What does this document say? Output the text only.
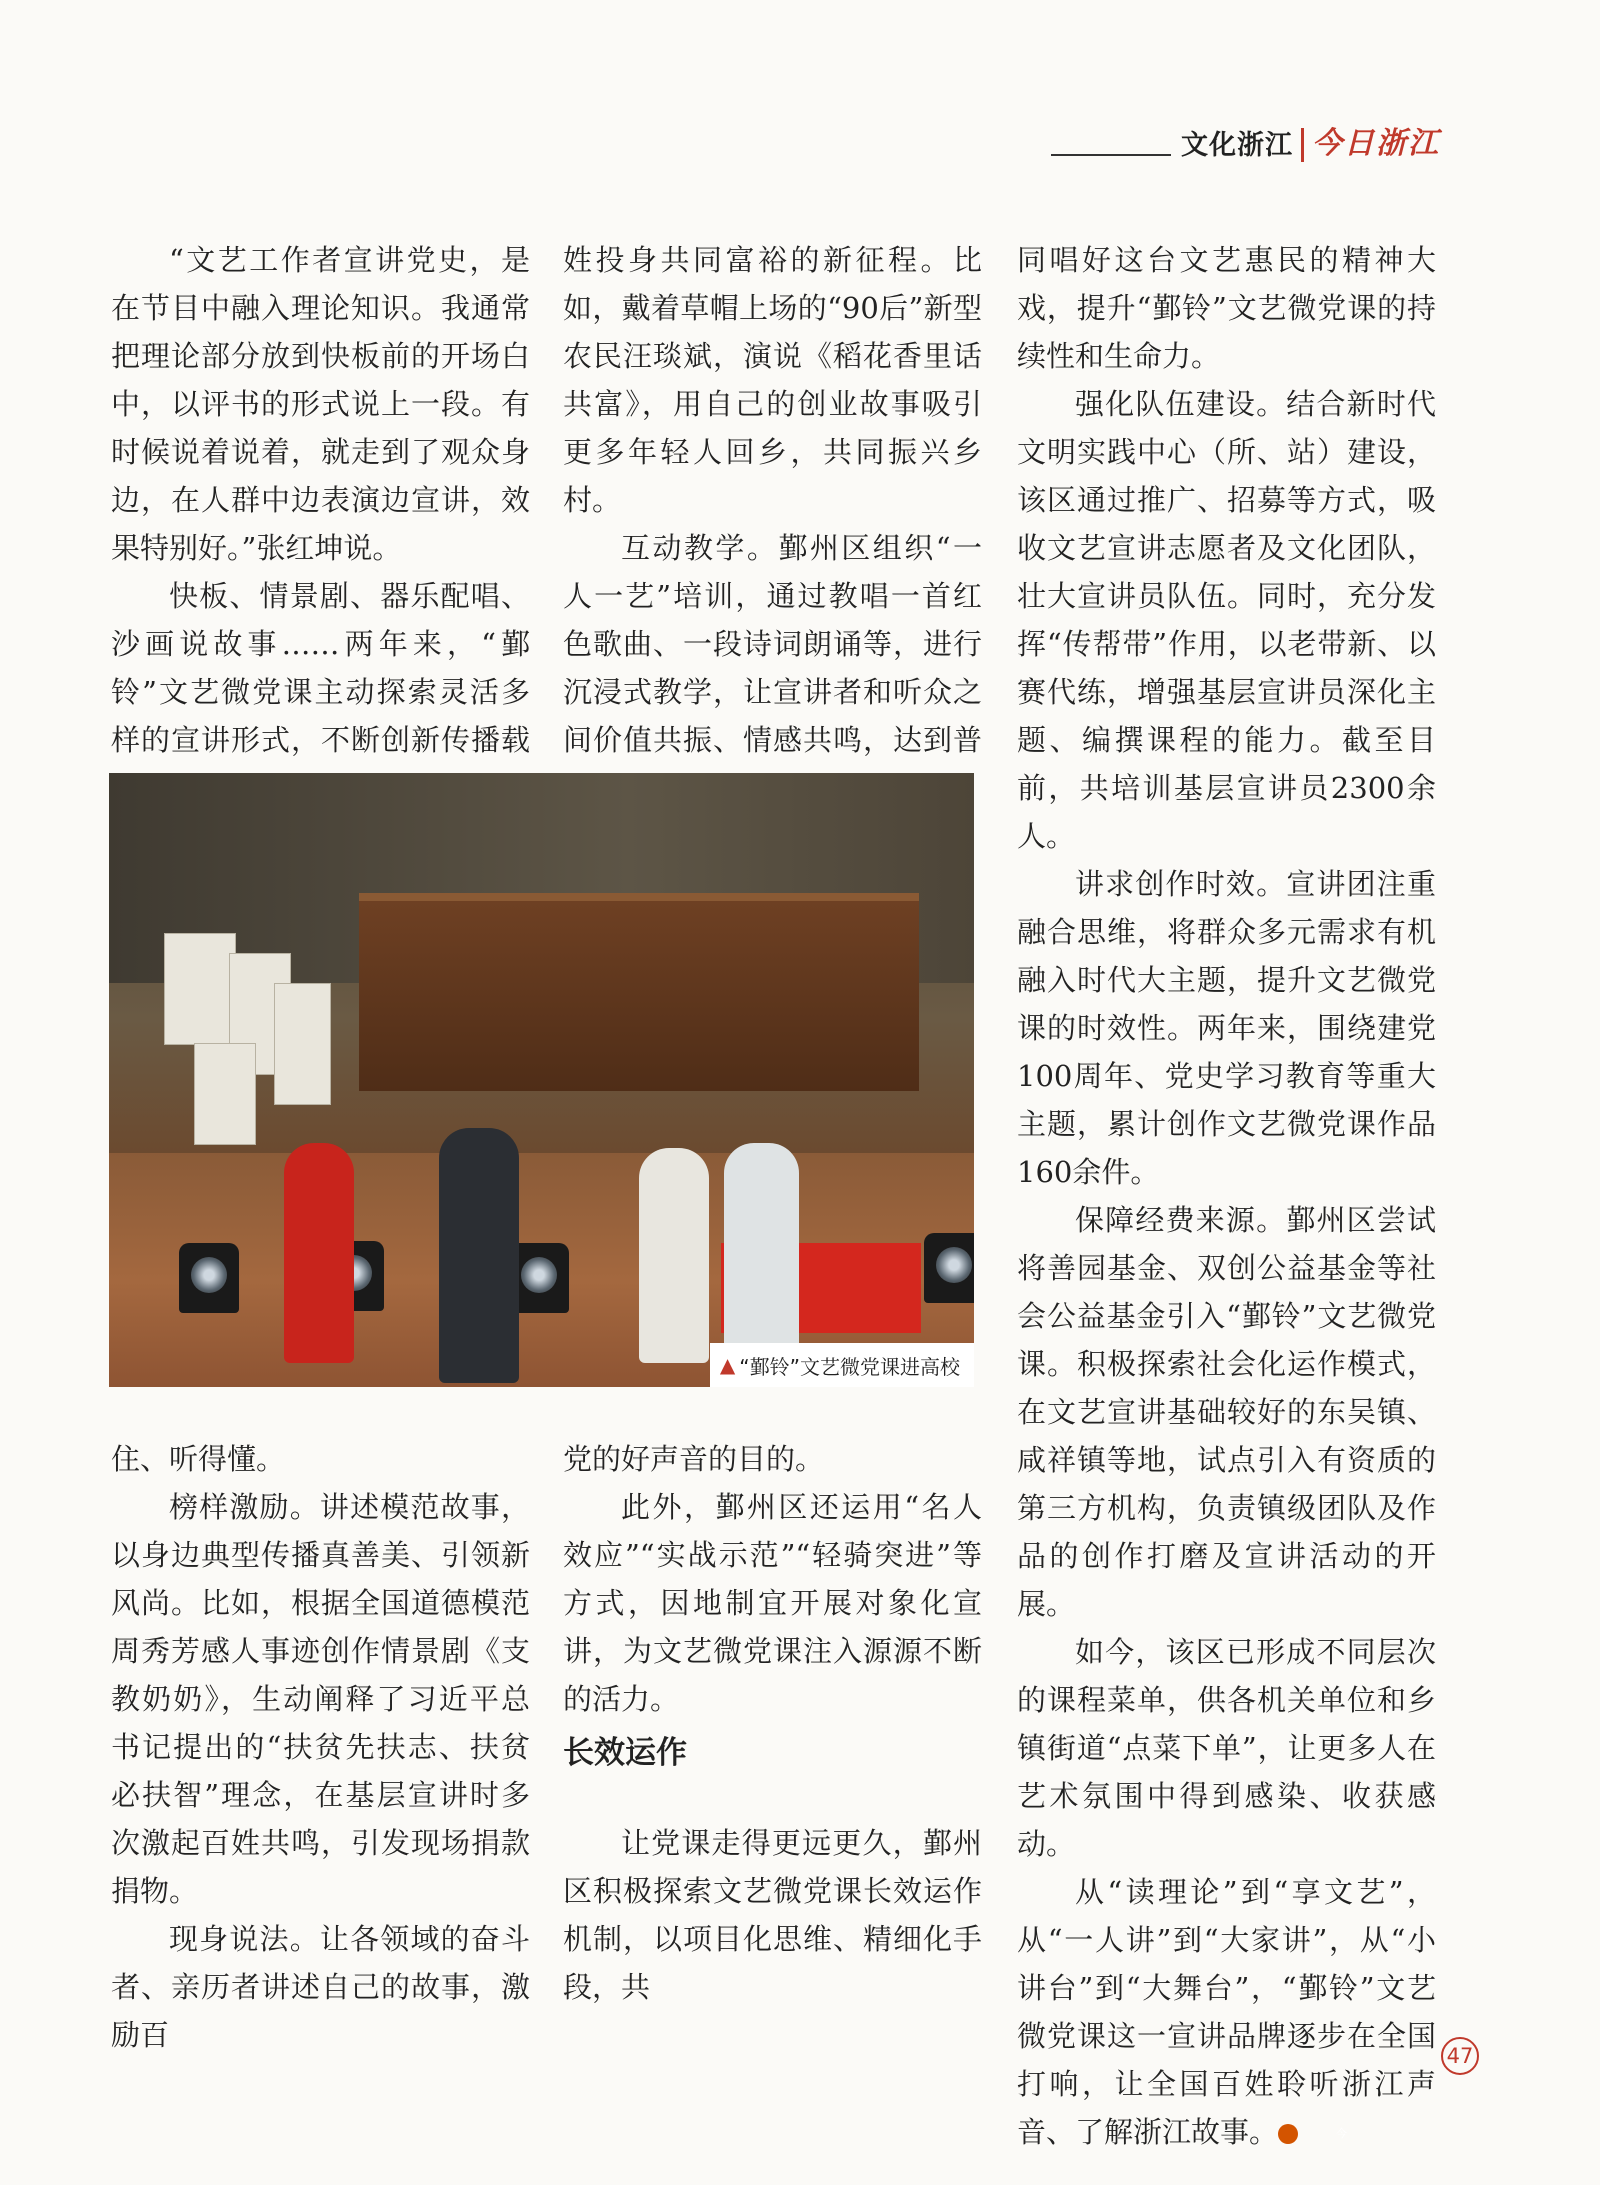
文化浙江 今日浙江

“文艺工作者宣讲党史，是在节目中融入理论知识。我通常把理论部分放到快板前的开场白中，以评书的形式说上一段。有时候说着说着，就走到了观众身边，在人群中边表演边宣讲，效果特别好。”张红坤说。

快板、情景剧、器乐配唱、沙画说故事……两年来，“鄞铃”文艺微党课主动探索灵活多样的宣讲形式，不断创新传播载

姓投身共同富裕的新征程。比如，戴着草帽上场的“90后”新型农民汪琰斌，演说《稻花香里话共富》，用自己的创业故事吸引更多年轻人回乡，共同振兴乡村。

互动教学。鄞州区组织“一人一艺”培训，通过教唱一首红色歌曲、一段诗词朗诵等，进行沉浸式教学，让宣讲者和听众之间价值共振、情感共鸣，达到普

同唱好这台文艺惠民的精神大戏，提升“鄞铃”文艺微党课的持续性和生命力。

强化队伍建设。结合新时代文明实践中心（所、站）建设，该区通过推广、招募等方式，吸收文艺宣讲志愿者及文化团队，壮大宣讲员队伍。同时，充分发挥“传帮带”作用，以老带新、以赛代练，增强基层宣讲员深化主题、编撰课程的能力。截至目前，共培训基层宣讲员2300余人。

讲求创作时效。宣讲团注重融合思维，将群众多元需求有机融入时代大主题，提升文艺微党课的时效性。两年来，围绕建党100周年、党史学习教育等重大主题，累计创作文艺微党课作品160余件。

保障经费来源。鄞州区尝试将善园基金、双创公益基金等社会公益基金引入“鄞铃”文艺微党课。积极探索社会化运作模式，在文艺宣讲基础较好的东吴镇、咸祥镇等地，试点引入有资质的第三方机构，负责镇级团队及作品的创作打磨及宣讲活动的开展。

如今，该区已形成不同层次的课程菜单，供各机关单位和乡镇街道“点菜下单”，让更多人在艺术氛围中得到感染、收获感动。

从“读理论”到“享文艺”，从“一人讲”到“大家讲”，从“小讲台”到“大舞台”，“鄞铃”文艺微党课这一宣讲品牌逐步在全国打响，让全国百姓聆听浙江声音、了解浙江故事。	今

▲ “鄞铃”文艺微党课进高校

住、听得懂。

榜样激励。讲述模范故事，以身边典型传播真善美、引领新风尚。比如，根据全国道德模范周秀芳感人事迹创作情景剧《支教奶奶》，生动阐释了习近平总书记提出的“扶贫先扶志、扶贫必扶智”理念，在基层宣讲时多次激起百姓共鸣，引发现场捐款捐物。

现身说法。让各领域的奋斗者、亲历者讲述自己的故事，激励百

党的好声音的目的。

此外，鄞州区还运用“名人效应”“实战示范”“轻骑突进”等方式，因地制宜开展对象化宣讲，为文艺微党课注入源源不断的活力。

长效运作

让党课走得更远更久，鄞州区积极探索文艺微党课长效运作机制，以项目化思维、精细化手段，共

47
